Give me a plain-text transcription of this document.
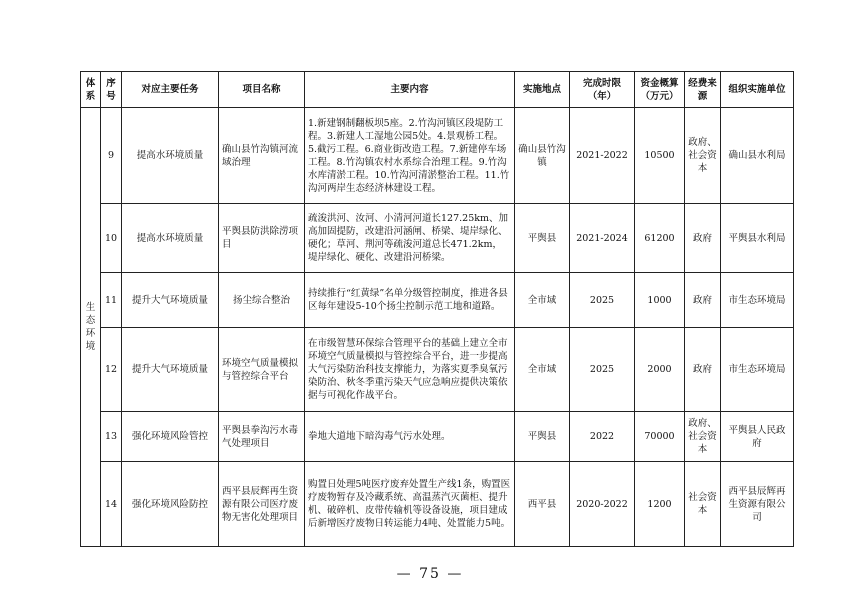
体系	序号	对应主要任务	项目名称	主要内容	实施地点	完成时限（年）	资金概算（万元）	经费来源	组织实施单位

生
态
环
境	9	提高水环境质量	确山县竹沟镇河流域治理	1.新建钢制翻板坝5座。2.竹沟河镇区段堤防工程。3.新建人工湿地公园5处。4.景观桥工程。5.截污工程。6.商业街改造工程。7.新建停车场工程。8.竹沟镇农村水系综合治理工程。9.竹沟水库清淤工程。10.竹沟河清淤整治工程。11.竹沟河两岸生态经济林建设工程。	确山县竹沟镇	2021-2022	10500	政府、社会资本	确山县水利局
	10	提高水环境质量	平舆县防洪除涝项目	疏浚洪河、汝河、小清河河道长127.25km、加高加固提防，改建沿河涵闸、桥梁、堤岸绿化、硬化；草河、荆河等疏浚河道总长471.2km，堤岸绿化、硬化、改建沿河桥梁。	平舆县	2021-2024	61200	政府	平舆县水利局
	11	提升大气环境质量	扬尘综合整治	持续推行“红黄绿”名单分级管控制度，推进各县区每年建设5-10个扬尘控制示范工地和道路。	全市域	2025	1000	政府	市生态环境局
	12	提升大气环境质量	环境空气质量模拟与管控综合平台	在市级智慧环保综合管理平台的基础上建立全市环境空气质量模拟与管控综合平台，进一步提高大气污染防治科技支撑能力，为落实夏季臭氧污染防治、秋冬季重污染天气应急响应提供决策依据与可视化作战平台。	全市域	2025	2000	政府	市生态环境局
	13	强化环境风险管控	平舆县拳沟污水毒气处理项目	拳地大道地下暗沟毒气污水处理。	平舆县	2022	70000	政府、社会资本	平舆县人民政府
	14	强化环境风险防控	西平县辰辉再生资源有限公司医疗废物无害化处理项目	购置日处理5吨医疗废弃处置生产线1条，购置医疗废物暂存及冷藏系统、高温蒸汽灭菌柜、提升机、破碎机、皮带传输机等设备设施，项目建成后新增医疗废物日转运能力4吨、处置能力5吨。	西平县	2020-2022	1200	社会资本	西平县辰辉再生资源有限公司
— 75 —
